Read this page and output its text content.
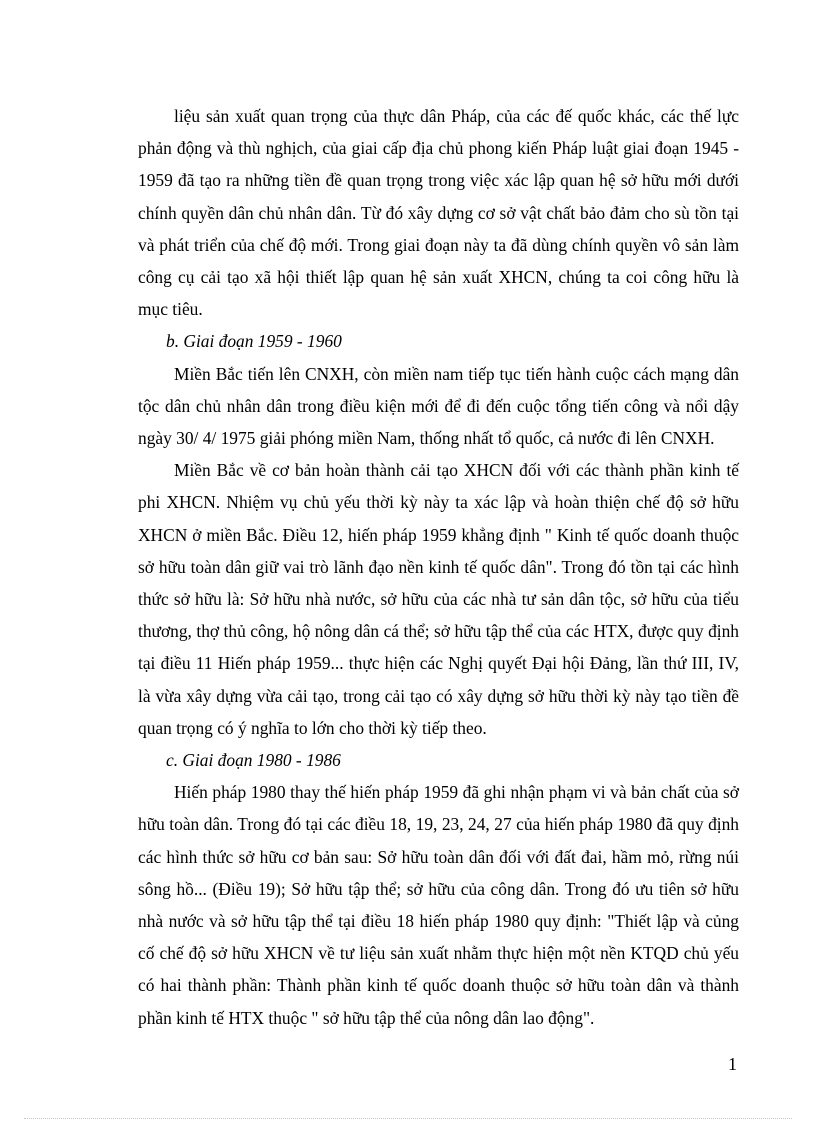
liệu sản xuất quan trọng của thực dân Pháp, của các đế quốc khác, các thế lực phản động và thù nghịch, của giai cấp địa chủ phong kiến Pháp luật giai đoạn 1945 - 1959 đã tạo ra những tiền đề quan trọng trong việc xác lập quan hệ sở hữu mới dưới chính quyền dân chủ nhân dân. Từ đó xây dựng cơ sở vật chất bảo đảm cho sù tồn tại và phát triển của chế độ mới. Trong giai đoạn này ta đã dùng chính quyền vô sản làm công cụ cải tạo xã hội thiết lập quan hệ sản xuất XHCN, chúng ta coi công hữu là mục tiêu.

b. Giai đoạn 1959 - 1960

Miền Bắc tiến lên CNXH, còn miền nam tiếp tục tiến hành cuộc cách mạng dân tộc dân chủ nhân dân trong điều kiện mới để đi đến cuộc tổng tiến công và nổi dậy ngày 30/ 4/ 1975 giải phóng miền Nam, thống nhất tổ quốc, cả nước đi lên CNXH.

Miền Bắc về cơ bản hoàn thành cải tạo XHCN đối với các thành phần kinh tế phi XHCN. Nhiệm vụ chủ yếu thời kỳ này ta xác lập và hoàn thiện chế độ sở hữu XHCN ở miền Bắc. Điều 12, hiến pháp 1959 khẳng định " Kinh tế quốc doanh thuộc sở hữu toàn dân giữ vai trò lãnh đạo nền kinh tế quốc dân". Trong đó tồn tại các hình thức sở hữu là: Sở hữu nhà nước, sở hữu của các nhà tư sản dân tộc, sở hữu của tiểu thương, thợ thủ công, hộ nông dân cá thể; sở hữu tập thể của các HTX, được quy định tại điều 11 Hiến pháp 1959... thực hiện các Nghị quyết Đại hội Đảng, lần thứ III, IV, là vừa xây dựng vừa cải tạo, trong cải tạo có xây dựng sở hữu thời kỳ này tạo tiền đề quan trọng có ý nghĩa to lớn cho thời kỳ tiếp theo.

c. Giai đoạn 1980 - 1986

Hiến pháp 1980 thay thế hiến pháp 1959 đã ghi nhận phạm vi và bản chất của sở hữu toàn dân. Trong đó tại các điều 18, 19, 23, 24, 27 của hiến pháp 1980 đã quy định các hình thức sở hữu cơ bản sau: Sở hữu toàn dân đối với đất đai, hầm mỏ, rừng núi sông hồ... (Điều 19); Sở hữu tập thể; sở hữu của công dân. Trong đó ưu tiên sở hữu nhà nước và sở hữu tập thể tại điều 18 hiến pháp 1980 quy định: "Thiết lập và củng cố chế độ sở hữu XHCN về tư liệu sản xuất nhằm thực hiện một nền KTQD chủ yếu có hai thành phần: Thành phần kinh tế quốc doanh thuộc sở hữu toàn dân và thành phần kinh tế HTX thuộc " sở hữu tập thể của nông dân lao động".

1
